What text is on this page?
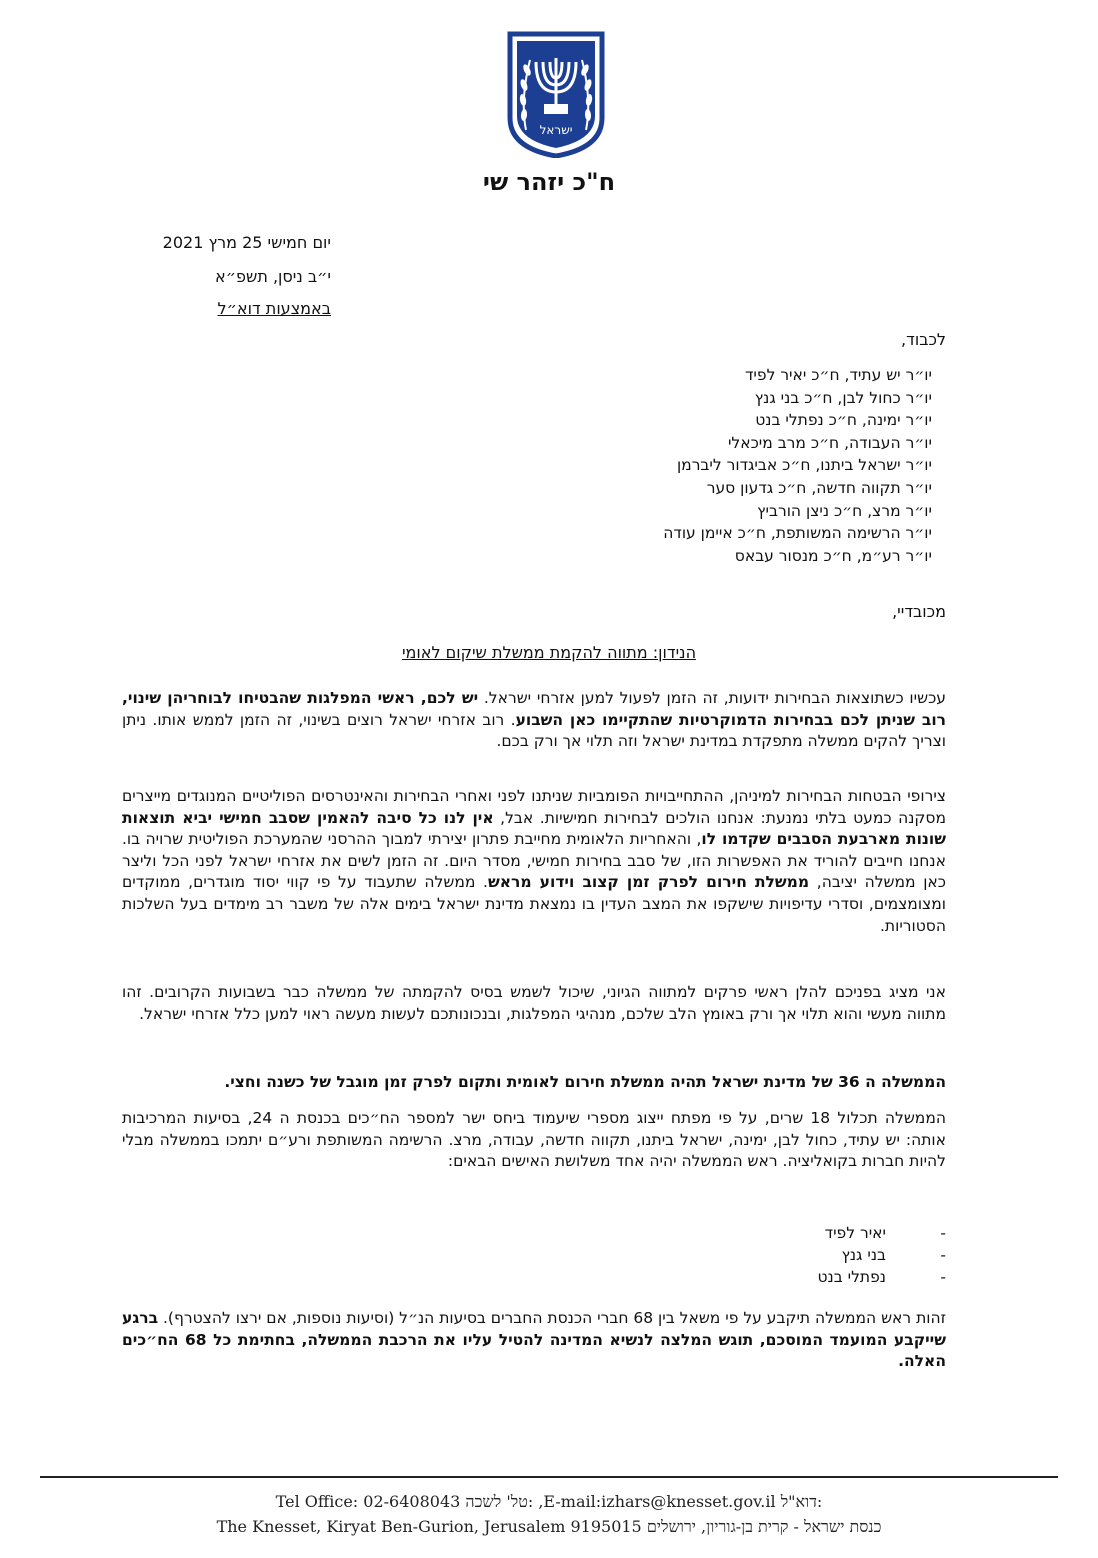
ישראל
ח"כ יזהר שי
יום חמישי 25 מרץ 2021
י״ב ניסן, תשפ״א
באמצעות דוא״ל
לכבוד,
יו״ר יש עתיד, ח״כ יאיר לפיד
יו״ר כחול לבן, ח״כ בני גנץ
יו״ר ימינה, ח״כ נפתלי בנט
יו״ר העבודה, ח״כ מרב מיכאלי
יו״ר ישראל ביתנו, ח״כ אביגדור ליברמן
יו״ר תקווה חדשה, ח״כ גדעון סער
יו״ר מרצ, ח״כ ניצן הורביץ
יו״ר הרשימה המשותפת, ח״כ איימן עודה
יו״ר רע״מ, ח״כ מנסור עבאס
מכובדיי,
הנידון: מתווה להקמת ממשלת שיקום לאומי
עכשיו כשתוצאות הבחירות ידועות, זה הזמן לפעול למען אזרחי ישראל. יש לכם, ראשי המפלגות שהבטיחו לבוחריהן שינוי, רוב שניתן לכם בבחירות הדמוקרטיות שהתקיימו כאן השבוע. רוב אזרחי ישראל רוצים בשינוי, זה הזמן לממש אותו. ניתן וצריך להקים ממשלה מתפקדת במדינת ישראל וזה תלוי אך ורק בכם.
צירופי הבטחות הבחירות למיניהן, ההתחייבויות הפומביות שניתנו לפני ואחרי הבחירות והאינטרסים הפוליטיים המנוגדים מייצרים מסקנה כמעט בלתי נמנעת: אנחנו הולכים לבחירות חמישיות. אבל, אין לנו כל סיבה להאמין שסבב חמישי יביא תוצאות שונות מארבעת הסבבים שקדמו לו, והאחריות הלאומית מחייבת פתרון יצירתי למבוך ההרסני שהמערכת הפוליטית שרויה בו. אנחנו חייבים להוריד את האפשרות הזו, של סבב בחירות חמישי, מסדר היום. זה הזמן לשים את אזרחי ישראל לפני הכל וליצר כאן ממשלה יציבה, ממשלת חירום לפרק זמן קצוב וידוע מראש. ממשלה שתעבוד על פי קווי יסוד מוגדרים, ממוקדים ומצומצמים, וסדרי עדיפויות שישקפו את המצב העדין בו נמצאת מדינת ישראל בימים אלה של משבר רב מימדים בעל השלכות הסטוריות.
אני מציג בפניכם להלן ראשי פרקים למתווה הגיוני, שיכול לשמש בסיס להקמתה של ממשלה כבר בשבועות הקרובים. זהו מתווה מעשי והוא תלוי אך ורק באומץ הלב שלכם, מנהיגי המפלגות, ובנכונותכם לעשות מעשה ראוי למען כלל אזרחי ישראל.
הממשלה ה 36 של מדינת ישראל תהיה ממשלת חירום לאומית ותקום לפרק זמן מוגבל של כשנה וחצי.
הממשלה תכלול 18 שרים, על פי מפתח ייצוג מספרי שיעמוד ביחס ישר למספר הח״כים בכנסת ה 24, בסיעות המרכיבות אותה: יש עתיד, כחול לבן, ימינה, ישראל ביתנו, תקווה חדשה, עבודה, מרצ. הרשימה המשותפת ורע״ם יתמכו בממשלה מבלי להיות חברות בקואליציה. ראש הממשלה יהיה אחד משלושת האישים הבאים:
-
יאיר לפיד
-
בני גנץ
-
נפתלי בנט
זהות ראש הממשלה תיקבע על פי משאל בין 68 חברי הכנסת החברים בסיעות הנ״ל (וסיעות נוספות, אם ירצו להצטרף). ברגע שייקבע המועמד המוסכם, תוגש המלצה לנשיא המדינה להטיל עליו את הרכבת הממשלה, בחתימת כל 68 הח״כים האלה.
Tel Office: 02-6408043 טל' לשכה: ,E-mail:izhars@knesset.gov.il דוא"ל:
The Knesset, Kiryat Ben-Gurion, Jerusalem 9195015 כנסת ישראל - קרית בן-גוריון, ירושלים
